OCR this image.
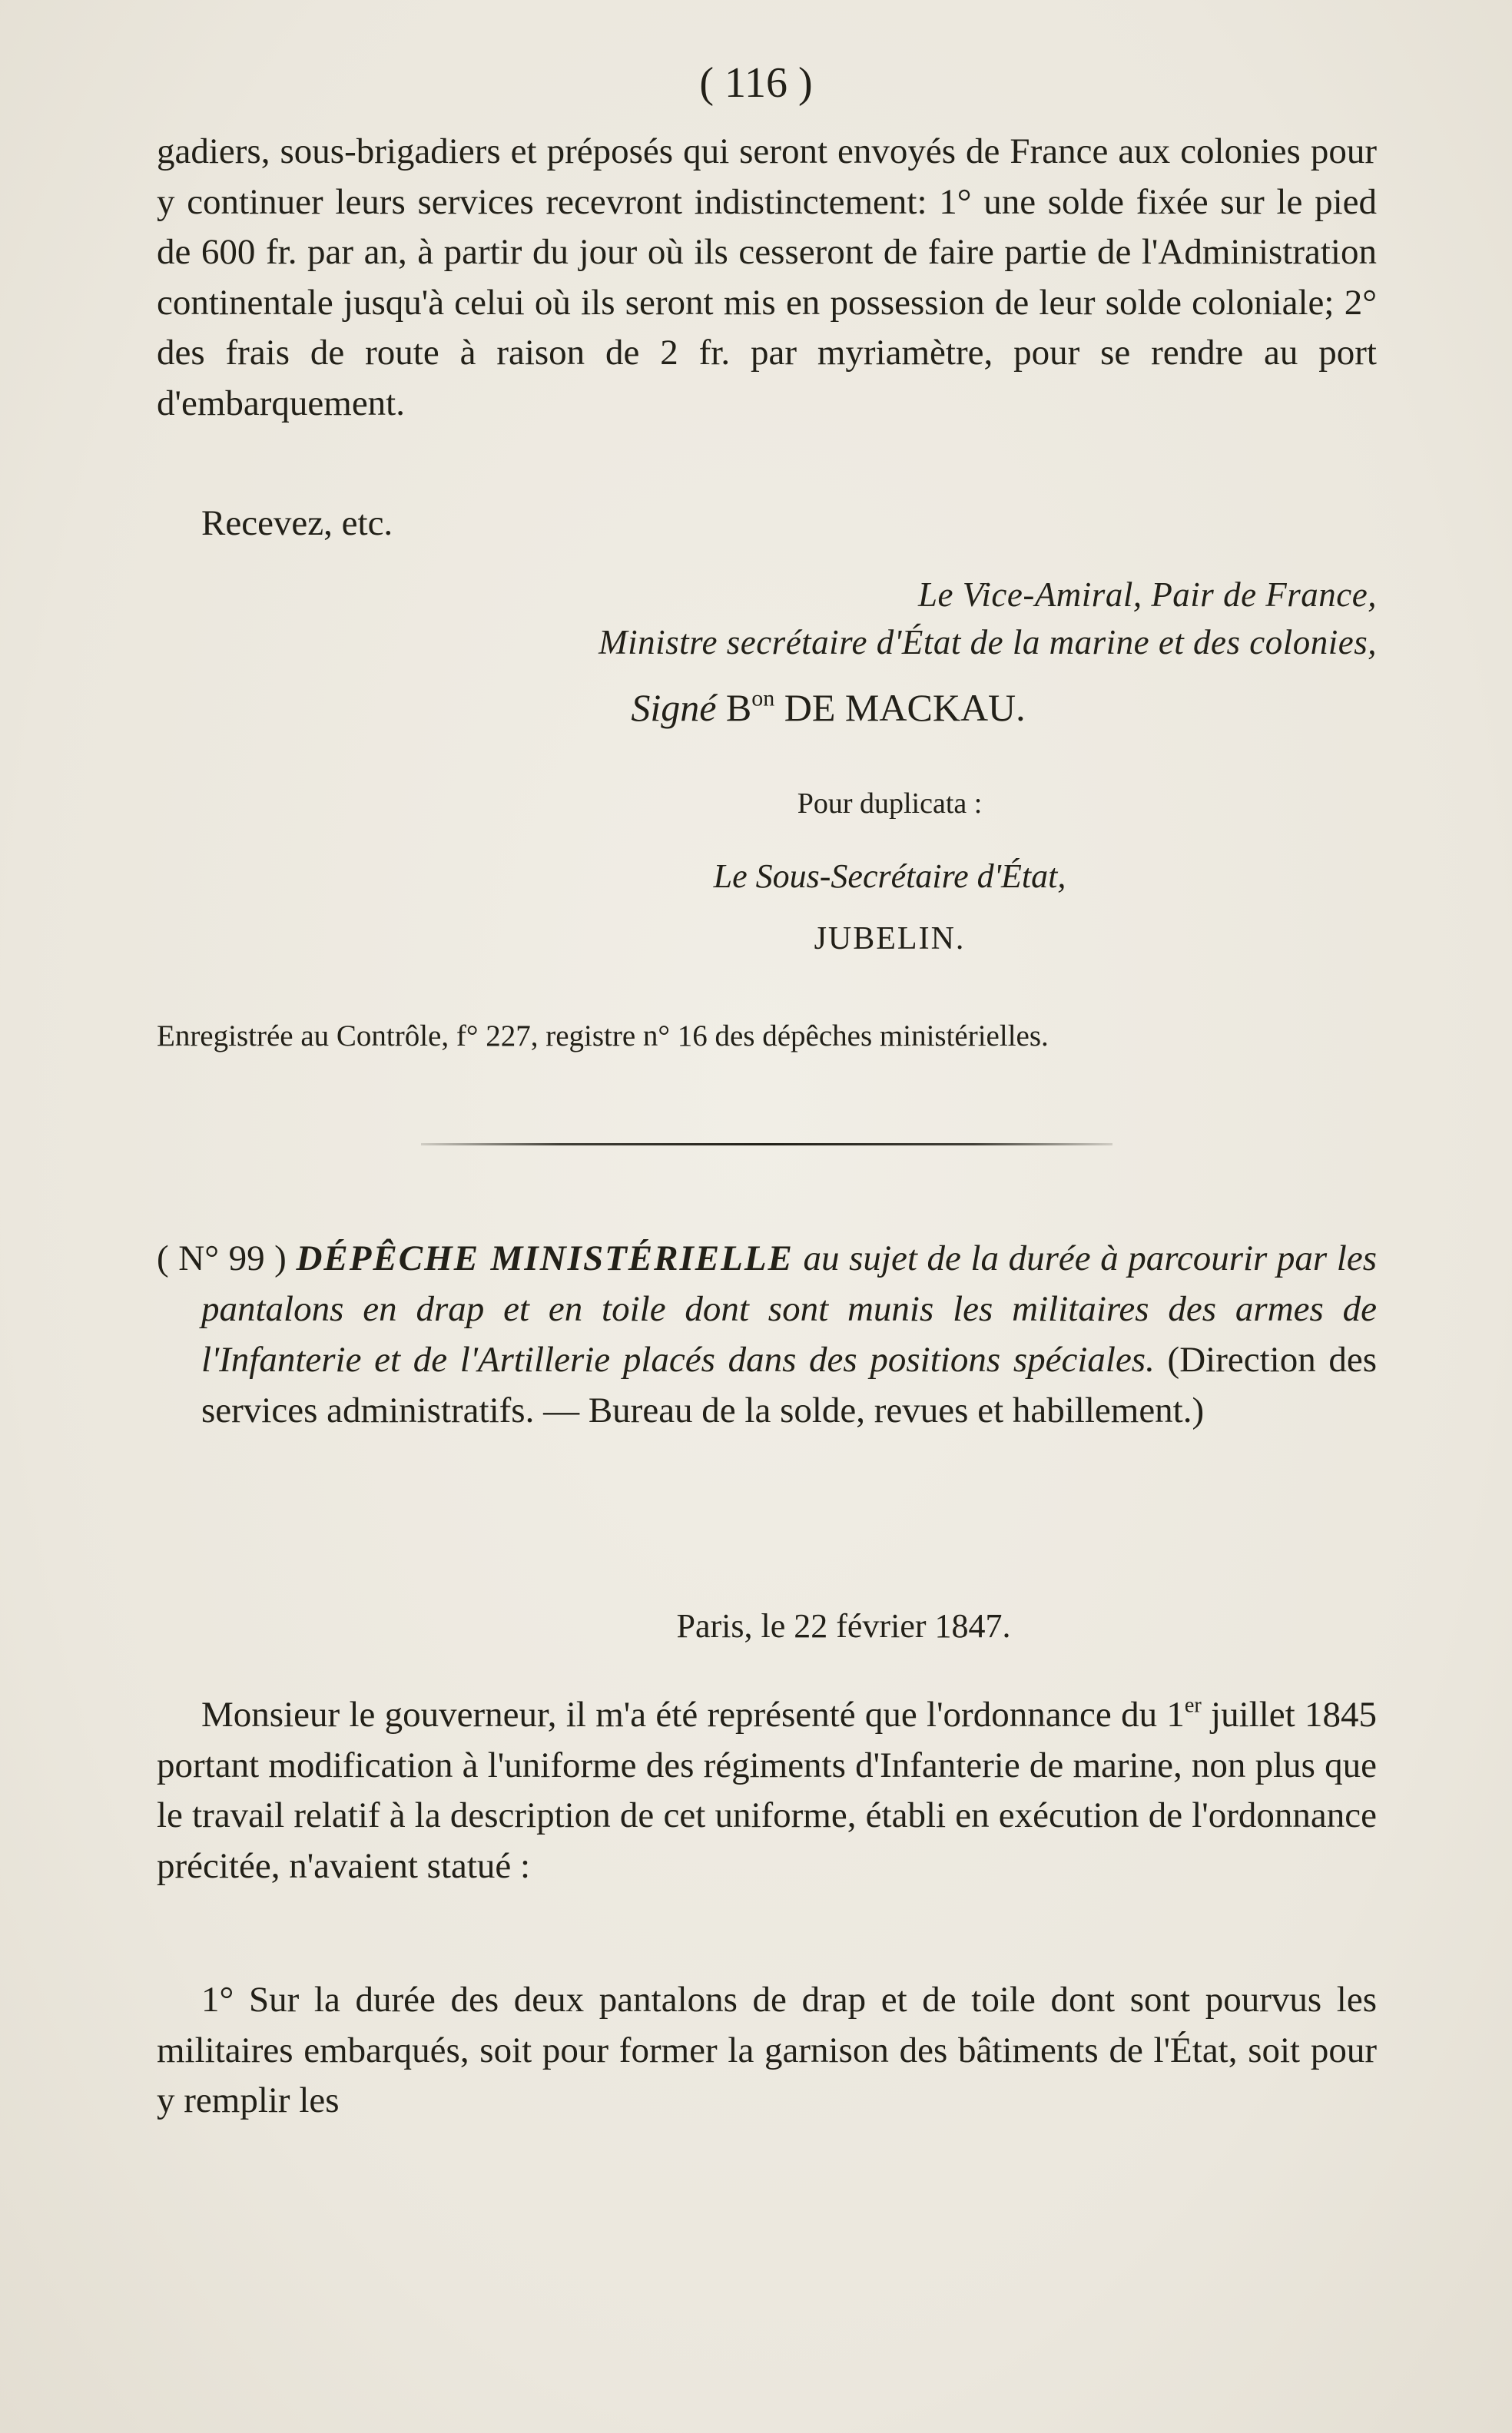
( 116 )
gadiers, sous-brigadiers et préposés qui seront envoyés de France aux colonies pour y continuer leurs services recevront indistinctement: 1° une solde fixée sur le pied de 600 fr. par an, à partir du jour où ils cesseront de faire partie de l'Administration continentale jusqu'à celui où ils seront mis en possession de leur solde coloniale; 2° des frais de route à raison de 2 fr. par myriamètre, pour se rendre au port d'embarquement.
Recevez, etc.
Le Vice-Amiral, Pair de France,
Ministre secrétaire d'État de la marine et des colonies,
Signé $B^{on}$ DE MACKAU.
Pour duplicata :
Le Sous-Secrétaire d'État,
JUBELIN.
Enregistrée au Contrôle, f° 227, registre n° 16 des dépêches ministérielles.
( N° 99 ) DÉPÊCHE MINISTÉRIELLE au sujet de la durée à parcourir par les pantalons en drap et en toile dont sont munis les militaires des armes de l'Infanterie et de l'Artillerie placés dans des positions spéciales. (Direction des services administratifs. — Bureau de la solde, revues et habillement.)
Paris, le 22 février 1847.
Monsieur le gouverneur, il m'a été représenté que l'ordonnance du 1er juillet 1845 portant modification à l'uniforme des régiments d'Infanterie de marine, non plus que le travail relatif à la description de cet uniforme, établi en exécution de l'ordonnance précitée, n'avaient statué :
1° Sur la durée des deux pantalons de drap et de toile dont sont pourvus les militaires embarqués, soit pour former la garnison des bâtiments de l'État, soit pour y remplir les
